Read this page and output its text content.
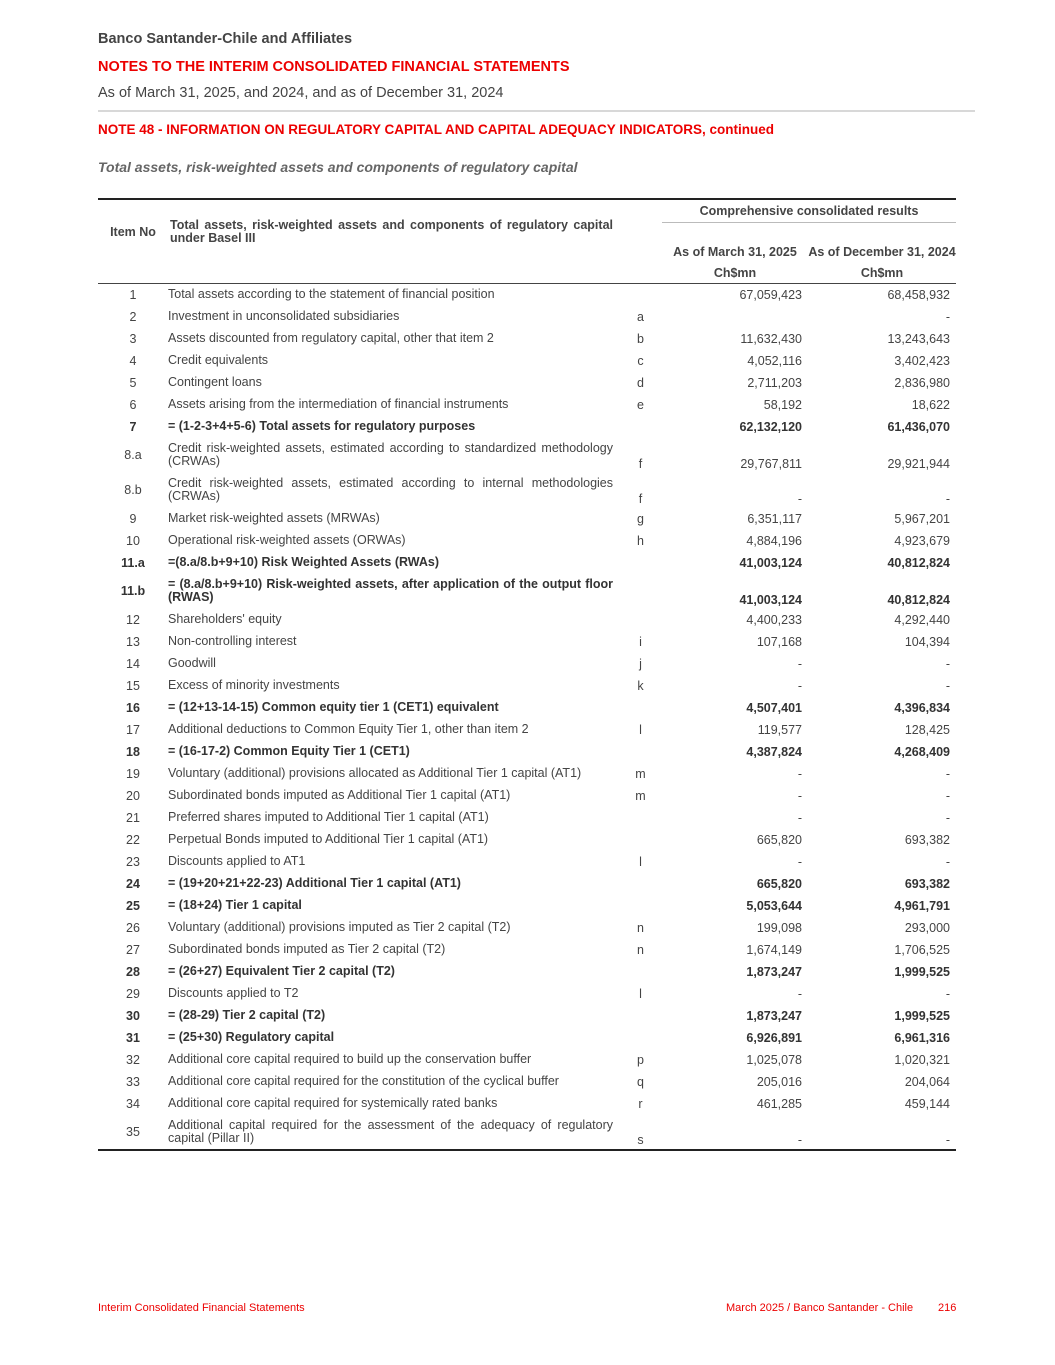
Banco Santander-Chile and Affiliates
NOTES TO THE INTERIM CONSOLIDATED FINANCIAL STATEMENTS
As of March 31, 2025, and 2024, and as of December 31, 2024
NOTE 48 - INFORMATION ON REGULATORY CAPITAL AND CAPITAL ADEQUACY INDICATORS, continued
Total assets, risk-weighted assets and components of regulatory capital
Item No	Total assets, risk-weighted assets and components of regulatory capital under Basel III		Comprehensive consolidated results	
			As of March 31, 2025	As of December 31, 2024
			Ch$mn	Ch$mn
1	Total assets according to the statement of financial position		67,059,423	68,458,932
2	Investment in unconsolidated subsidiaries	a		-
3	Assets discounted from regulatory capital, other that item 2	b	11,632,430	13,243,643
4	Credit equivalents	c	4,052,116	3,402,423
5	Contingent loans	d	2,711,203	2,836,980
6	Assets arising from the intermediation of financial instruments	e	58,192	18,622
7	= (1-2-3+4+5-6) Total assets for regulatory purposes		62,132,120	61,436,070
8.a	Credit risk-weighted assets, estimated according to standardized methodology (CRWAs)	f	29,767,811	29,921,944
8.b	Credit risk-weighted assets, estimated according to internal methodologies (CRWAs)	f	-	-
9	Market risk-weighted assets (MRWAs)	g	6,351,117	5,967,201
10	Operational risk-weighted assets (ORWAs)	h	4,884,196	4,923,679
11.a	=(8.a/8.b+9+10) Risk Weighted Assets (RWAs)		41,003,124	40,812,824
11.b	= (8.a/8.b+9+10) Risk-weighted assets, after application of the output floor (RWAS)		41,003,124	40,812,824
12	Shareholders' equity		4,400,233	4,292,440
13	Non-controlling interest	i	107,168	104,394
14	Goodwill	j	-	-
15	Excess of minority investments	k	-	-
16	= (12+13-14-15) Common equity tier 1 (CET1) equivalent		4,507,401	4,396,834
17	Additional deductions to Common Equity Tier 1, other than item 2	l	119,577	128,425
18	= (16-17-2) Common Equity Tier 1 (CET1)		4,387,824	4,268,409
19	Voluntary (additional) provisions allocated as Additional Tier 1 capital (AT1)	m	-	-
20	Subordinated bonds imputed as Additional Tier 1 capital (AT1)	m	-	-
21	Preferred shares imputed to Additional Tier 1 capital (AT1)		-	-
22	Perpetual Bonds imputed to Additional Tier 1 capital (AT1)		665,820	693,382
23	Discounts applied to AT1	l	-	-
24	= (19+20+21+22-23) Additional Tier 1 capital (AT1)		665,820	693,382
25	= (18+24) Tier 1 capital		5,053,644	4,961,791
26	Voluntary (additional) provisions imputed as Tier 2 capital (T2)	n	199,098	293,000
27	Subordinated bonds imputed as Tier 2 capital (T2)	n	1,674,149	1,706,525
28	= (26+27) Equivalent Tier 2 capital (T2)		1,873,247	1,999,525
29	Discounts applied to T2	l	-	-
30	= (28-29) Tier 2 capital (T2)		1,873,247	1,999,525
31	= (25+30) Regulatory capital		6,926,891	6,961,316
32	Additional core capital required to build up the conservation buffer	p	1,025,078	1,020,321
33	Additional core capital required for the constitution of the cyclical buffer	q	205,016	204,064
34	Additional core capital required for systemically rated banks	r	461,285	459,144
35	Additional capital required for the assessment of the adequacy of regulatory capital (Pillar II)	s	-	-
Interim Consolidated Financial Statements	March 2025 / Banco Santander - Chile 216
